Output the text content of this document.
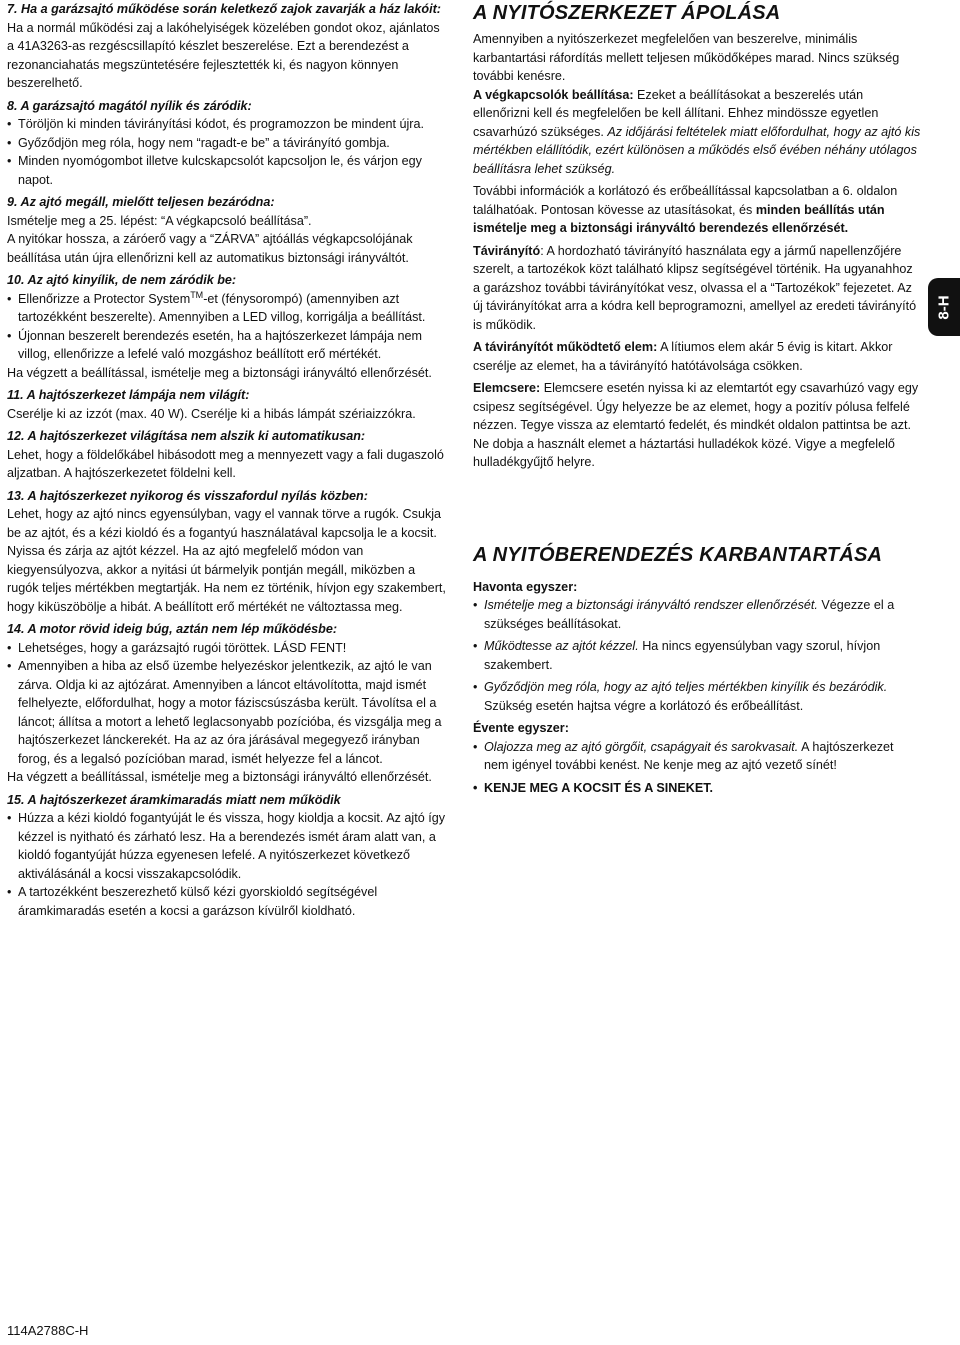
7. Ha a garázsajtó működése során keletkező zajok zavarják a ház lakóit:

Ha a normál működési zaj a lakóhelyiségek közelében gondot okoz, ajánlatos a 41A3263-as rezgéscsillapító készlet beszerelése. Ezt a berendezést a rezonanciahatás megszüntetésére fejlesztették ki, és nagyon könnyen beszerelhető.

8. A garázsajtó magától nyílik és záródik:

• Töröljön ki minden távirányítási kódot, és programozzon be mindent újra.

• Győződjön meg róla, hogy nem “ragadt-e be” a távirányító gombja.

• Minden nyomógombot illetve kulcskapcsolót kapcsoljon le, és várjon egy napot.

9. Az ajtó megáll, mielőtt teljesen bezáródna:

Ismételje meg a 25. lépést: “A végkapcsoló beállítása”.

A nyitókar hossza, a záróerő vagy a “ZÁRVA” ajtóállás végkapcsolójának beállítása után újra ellenőrizni kell az automatikus biztonsági irányváltót.

10. Az ajtó kinyílik, de nem záródik be:

• Ellenőrizze a Protector System™-et (fénysorompó) (amennyiben azt tartozékként beszerelte). Amennyiben a LED villog, korrigálja a beállítást.

• Újonnan beszerelt berendezés esetén, ha a hajtószerkezet lámpája nem villog, ellenőrizze a lefelé való mozgáshoz beállított erő mértékét.

Ha végzett a beállítással, ismételje meg a biztonsági irányváltó ellenőrzését.

11. A hajtószerkezet lámpája nem világít:

Cserélje ki az izzót (max. 40 W). Cserélje ki a hibás lámpát szériaizzókra.

12. A hajtószerkezet világítása nem alszik ki automatikusan:

Lehet, hogy a földelőkábel hibásodott meg a mennyezett vagy a fali dugaszoló aljzatban. A hajtószerkezetet földelni kell.

13. A hajtószerkezet nyikorog és visszafordul nyílás közben:

Lehet, hogy az ajtó nincs egyensúlyban, vagy el vannak törve a rugók. Csukja be az ajtót, és a kézi kioldó és a fogantyú használatával kapcsolja le a kocsit. Nyissa és zárja az ajtót kézzel. Ha az ajtó megfelelő módon van kiegyensúlyozva, akkor a nyitási út bármelyik pontján megáll, miközben a rugók teljes mértékben megtartják. Ha nem ez történik, hívjon egy szakembert, hogy kiküszöbölje a hibát. A beállított erő mértékét ne változtassa meg.

14. A motor rövid ideig búg, aztán nem lép működésbe:

• Lehetséges, hogy a garázsajtó rugói töröttek. LÁSD FENT!

• Amennyiben a hiba az első üzembe helyezéskor jelentkezik, az ajtó le van zárva. Oldja ki az ajtózárat. Amennyiben a láncot eltávolította, majd ismét felhelyezte, előfordulhat, hogy a motor fáziscsúszásba került. Távolítsa el a láncot; állítsa a motort a lehető leglacsonyabb pozícióba, és vizsgálja meg a hajtószerkezet lánckerekét. Ha az az óra járásával megegyező irányban forog, és a legalsó pozícióban marad, ismét helyezze fel a láncot.

Ha végzett a beállítással, ismételje meg a biztonsági irányváltó ellenőrzését.

15. A hajtószerkezet áramkimaradás miatt nem működik

• Húzza a kézi kioldó fogantyúját le és vissza, hogy kioldja a kocsit. Az ajtó így kézzel is nyitható és zárható lesz. Ha a berendezés ismét áram alatt van, a kioldó fogantyúját húzza egyenesen lefelé. A nyitószerkezet következő aktiválásánál a kocsi visszakapcsolódik.

• A tartozékként beszerezhető külső kézi gyorskioldó segítségével áramkimaradás esetén a kocsi a garázson kívülről kioldható.

A NYITÓSZERKEZET ÁPOLÁSA

Amennyiben a nyitószerkezet megfelelően van beszerelve, minimális karbantartási ráfordítás mellett teljesen működőképes marad. Nincs szükség további kenésre.

A végkapcsolók beállítása: Ezeket a beállításokat a beszerelés után ellenőrizni kell és megfelelően be kell állítani. Ehhez mindössze egyetlen csavarhúzó szükséges. Az időjárási feltételek miatt előfordulhat, hogy az ajtó kis mértékben elállítódik, ezért különösen a működés első évében néhány utólagos beállításra lehet szükség.

További információk a korlátozó és erőbeállítással kapcsolatban a 6. oldalon találhatóak. Pontosan kövesse az utasításokat, és minden beállítás után ismételje meg a biztonsági irányváltó berendezés ellenőrzését.

Távirányító: A hordozható távirányító használata egy a jármű napellenzőjére szerelt, a tartozékok közt található klipsz segítségével történik. Ha ugyanahhoz a garázshoz további távirányítókat vesz, olvassa el a “Tartozékok” fejezetet. Az új távirányítókat arra a kódra kell beprogramozni, amellyel az eredeti távirányító is működik.

A távirányítót működtető elem: A lítiumos elem akár 5 évig is kitart. Akkor cserélje az elemet, ha a távirányító hatótávolsága csökken.

Elemcsere: Elemcsere esetén nyissa ki az elemtartót egy csavarhúzó vagy egy csipesz segítségével. Úgy helyezze be az elemet, hogy a pozitív pólusa felfelé nézzen. Tegye vissza az elemtartó fedelét, és mindkét oldalon pattintsa be azt. Ne dobja a használt elemet a háztartási hulladékok közé. Vigye a megfelelő hulladékgyűjtő helyre.

A NYITÓBERENDEZÉS KARBANTARTÁSA

Havonta egyszer:

• Ismételje meg a biztonsági irányváltó rendszer ellenőrzését. Végezze el a szükséges beállításokat.

• Működtesse az ajtót kézzel. Ha nincs egyensúlyban vagy szorul, hívjon szakembert.

• Győződjön meg róla, hogy az ajtó teljes mértékben kinyílik és bezáródik. Szükség esetén hajtsa végre a korlátozó és erőbeállítást.

Évente egyszer:

• Olajozza meg az ajtó görgőit, csapágyait és sarokvasait. A hajtószerkezet nem igényel további kenést. Ne kenje meg az ajtó vezető sínét!

• KENJE MEG A KOCSIT ÉS A SINEKET.

8-H
114A2788C-H
